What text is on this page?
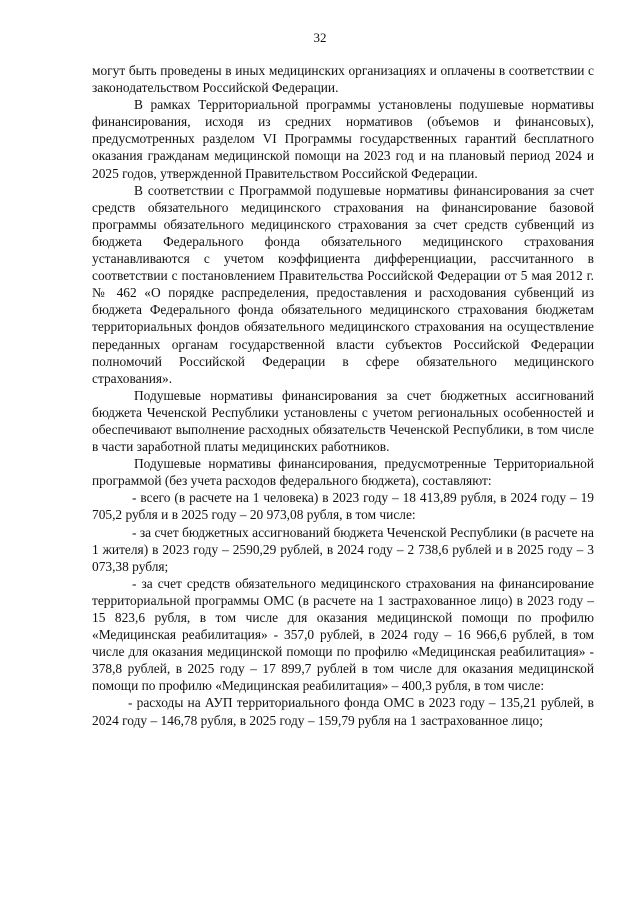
32

могут быть проведены в иных медицинских организациях и оплачены в соответствии с законодательством Российской Федерации.

В рамках Территориальной программы установлены подушевые нормативы финансирования, исходя из средних нормативов (объемов и финансовых), предусмотренных разделом VI Программы государственных гарантий бесплатного оказания гражданам медицинской помощи на 2023 год и на плановый период 2024 и 2025 годов, утвержденной Правительством Российской Федерации.

В соответствии с Программой подушевые нормативы финансирования за счет средств обязательного медицинского страхования на финансирование базовой программы обязательного медицинского страхования за счет средств субвенций из бюджета Федерального фонда обязательного медицинского страхования устанавливаются с учетом коэффициента дифференциации, рассчитанного в соответствии с постановлением Правительства Российской Федерации от 5 мая 2012 г. № 462 «О порядке распределения, предоставления и расходования субвенций из бюджета Федерального фонда обязательного медицинского страхования бюджетам территориальных фондов обязательного медицинского страхования на осуществление переданных органам государственной власти субъектов Российской Федерации полномочий Российской Федерации в сфере обязательного медицинского страхования».

Подушевые нормативы финансирования за счет бюджетных ассигнований бюджета Чеченской Республики установлены с учетом региональных особенностей и обеспечивают выполнение расходных обязательств Чеченской Республики, в том числе в части заработной платы медицинских работников.

Подушевые нормативы финансирования, предусмотренные Территориальной программой (без учета расходов федерального бюджета), составляют:

- всего (в расчете на 1 человека) в 2023 году – 18 413,89 рубля, в 2024 году – 19 705,2 рубля и в 2025 году – 20 973,08 рубля, в том числе:

- за счет бюджетных ассигнований бюджета Чеченской Республики (в расчете на 1 жителя) в 2023 году – 2590,29 рублей, в 2024 году – 2 738,6 рублей и в 2025 году – 3 073,38 рубля;

- за счет средств обязательного медицинского страхования на финансирование территориальной программы ОМС (в расчете на 1 застрахованное лицо) в 2023 году – 15 823,6 рубля, в том числе для оказания медицинской помощи по профилю «Медицинская реабилитация» - 357,0 рублей, в 2024 году – 16 966,6 рублей, в том числе для оказания медицинской помощи по профилю «Медицинская реабилитация» - 378,8 рублей, в 2025 году – 17 899,7 рублей в том числе для оказания медицинской помощи по профилю «Медицинская реабилитация» – 400,3 рубля, в том числе:

- расходы на АУП территориального фонда ОМС в 2023 году – 135,21 рублей, в 2024 году – 146,78 рубля, в 2025 году – 159,79 рубля на 1 застрахованное лицо;
